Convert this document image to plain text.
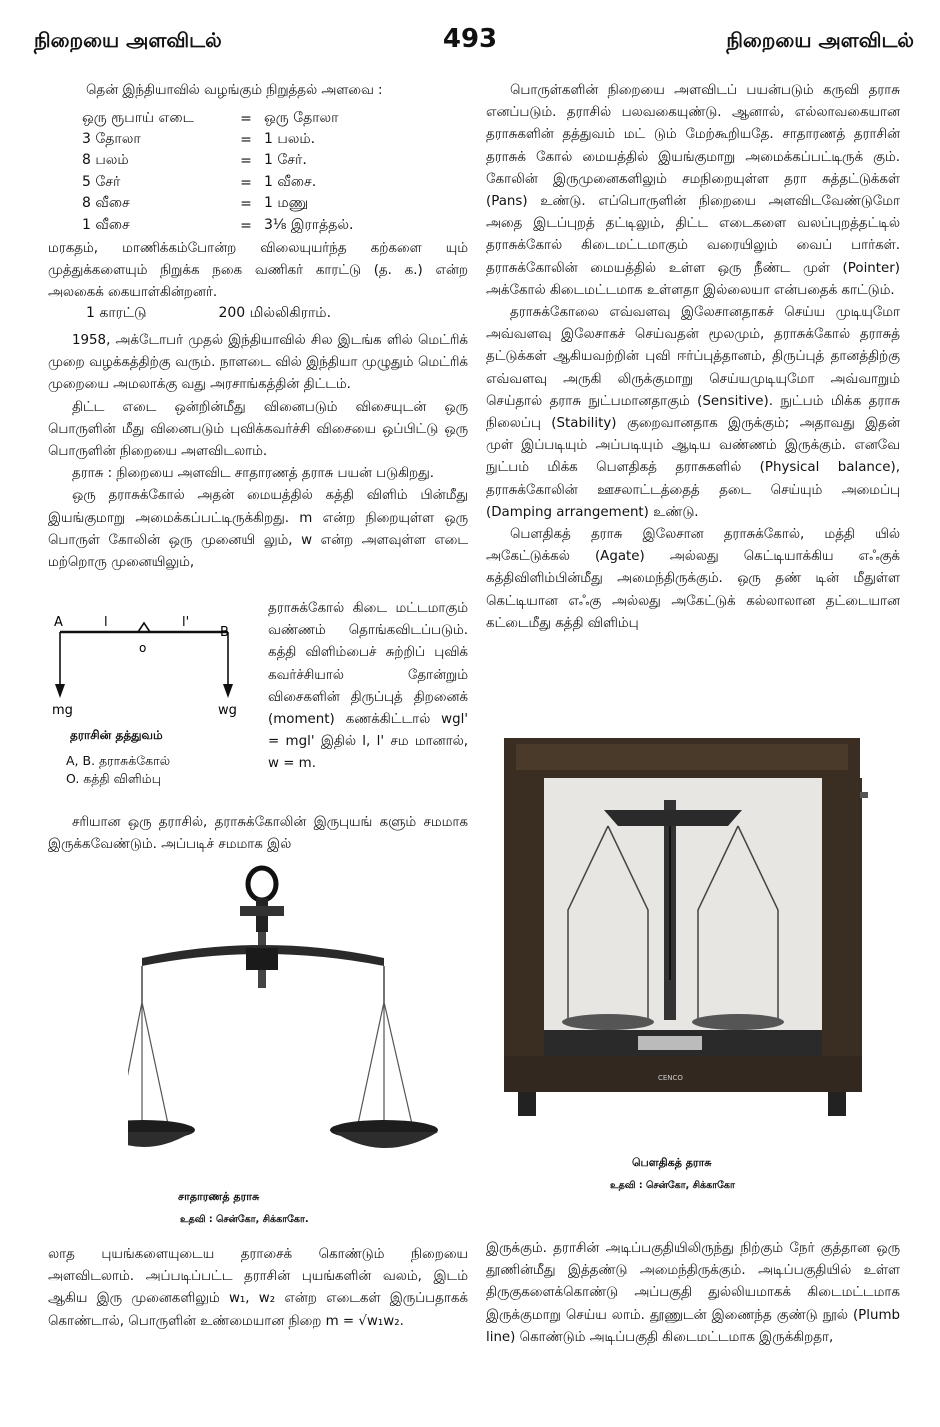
நிறையை அளவிடல்	493	நிறையை அளவிடல்
தென் இந்தியாவில் வழங்கும் நிறுத்தல் அளவை :
ஒரு ரூபாய் எடை	=	ஒரு தோலா
3 தோலா	=	1 பலம்.
8 பலம்	=	1 சேர்.
5 சேர்	=	1 வீசை.
8 வீசை	=	1 மணு
1 வீசை	=	3⅛ இராத்தல்.

மரகதம், மாணிக்கம்போன்ற விலையுயர்ந்த கற்களை யும் முத்துக்களையும் நிறுக்க நகை வணிகர் காரட்டு (த. க.) என்ற அலகைக் கையாள்கின்றனர்.

1 காரட்டு	200 மில்லிகிராம்.

1958, அக்டோபர் முதல் இந்தியாவில் சில இடங்க ளில் மெட்ரிக் முறை வழக்கத்திற்கு வரும். நாளடை வில் இந்தியா முழுதும் மெட்ரிக் முறையை அமலாக்கு வது அரசாங்கத்தின் திட்டம்.

திட்ட எடை ஒன்றின்மீது வினைபடும் விசையுடன் ஒரு பொருளின் மீது வினைபடும் புவிக்கவர்ச்சி விசையை ஒப்பிட்டு ஒரு பொருளின் நிறையை அளவிடலாம்.

தராசு : நிறையை அளவிட சாதாரணத் தராசு பயன் படுகிறது.

ஒரு தராசுக்கோல் அதன் மையத்தில் கத்தி விளிம் பின்மீது இயங்குமாறு அமைக்கப்பட்டிருக்கிறது. m என்ற நிறையுள்ள ஒரு பொருள் கோலின் ஒரு முனையி லும், w என்ற அளவுள்ள எடை மற்றொரு முனையிலும்,

A	l	l'
B
o
mg	wg
தராசின் தத்துவம்
A, B. தராசுக்கோல்
O. கத்தி விளிம்பு

தராசுக்கோல் கிடை மட்டமாகும் வண்ணம் தொங்கவிடப்படும். கத்தி விளிம்பைச் சுற்றிப் புவிக் கவர்ச்சியால் தோன்றும் விசைகளின் திருப்புத் திறனைக் (moment) கணக்கிட்டால் wgl' = mgl' இதில் l, l' சம மானால், w = m.

சரியான ஒரு தராசில், தராசுக்கோலின் இருபுயங் களும் சமமாக இருக்கவேண்டும். அப்படிச் சமமாக இல்

சாதாரணத் தராசு
உதவி : சென்கோ, சிக்காகோ.

லாத புயங்களையுடைய தராசைக் கொண்டும் நிறையை அளவிடலாம். அப்படிப்பட்ட தராசின் புயங்களின் வலம், இடம் ஆகிய இரு முனைகளிலும் w₁, w₂ என்ற எடைகள் இருப்பதாகக் கொண்டால், பொருளின் உண்மையான நிறை m = √w₁w₂.

பொருள்களின் நிறையை அளவிடப் பயன்படும் கருவி தராசு எனப்படும். தராசில் பலவகையுண்டு. ஆனால், எல்லாவகையான தராசுகளின் தத்துவம் மட் டும் மேற்கூறியதே. சாதாரணத் தராசின் தராசுக் கோல் மையத்தில் இயங்குமாறு அமைக்கப்பட்டிருக் கும். கோலின் இருமுனைகளிலும் சமநிறையுள்ள தரா சுத்தட்டுக்கள் (Pans) உண்டு. எப்பொருளின் நிறையை அளவிடவேண்டுமோ அதை இடப்புறத் தட்டிலும், திட்ட எடைகளை வலப்புறத்தட்டில் தராசுக்கோல் கிடைமட்டமாகும் வரையிலும் வைப் பார்கள். தராசுக்கோலின் மையத்தில் உள்ள ஒரு நீண்ட முள் (Pointer) அக்கோல் கிடைமட்டமாக உள்ளதா இல்லையா என்பதைக் காட்டும்.

தராசுக்கோலை எவ்வளவு இலேசானதாகச் செய்ய முடியுமோ அவ்வளவு இலேசாகச் செய்வதன் மூலமும், தராசுக்கோல் தராசுத் தட்டுக்கள் ஆகியவற்றின் புவி ஈர்ப்புத்தானம், திருப்புத் தானத்திற்கு எவ்வளவு அருகி லிருக்குமாறு செய்யமுடியுமோ அவ்வாறும் செய்தால் தராசு நுட்பமானதாகும் (Sensitive). நுட்பம் மிக்க தராசு நிலைப்பு (Stability) குறைவானதாக இருக்கும்; அதாவது இதன் முள் இப்படியும் அப்படியும் ஆடிய வண்ணம் இருக்கும். எனவே நுட்பம் மிக்க பௌதிகத் தராசுகளில் (Physical balance), தராசுக்கோலின் ஊசலாட்டத்தைத் தடை செய்யும் அமைப்பு (Damping arrangement) உண்டு.

பௌதிகத் தராசு இலேசான தராசுக்கோல், மத்தி யில் அகேட்டுக்கல் (Agate) அல்லது கெட்டியாக்கிய எஃகுக் கத்திவிளிம்பின்மீது அமைந்திருக்கும். ஒரு தண் டின் மீதுள்ள கெட்டியான எஃகு அல்லது அகேட்டுக் கல்லாலான தட்டையான கட்டைமீது கத்தி விளிம்பு

CENCO
பௌதிகத் தராசு
உதவி : சென்கோ, சிக்காகோ

இருக்கும். தராசின் அடிப்பகுதியிலிருந்து நிற்கும் நேர் குத்தான ஒரு தூணின்மீது இத்தண்டு அமைந்திருக்கும். அடிப்பகுதியில் உள்ள திருகுகளைக்கொண்டு அப்பகுதி துல்லியமாகக் கிடைமட்டமாக இருக்குமாறு செய்ய லாம். தூணுடன் இணைந்த குண்டு நூல் (Plumb line) கொண்டும் அடிப்பகுதி கிடைமட்டமாக இருக்கிறதா,
